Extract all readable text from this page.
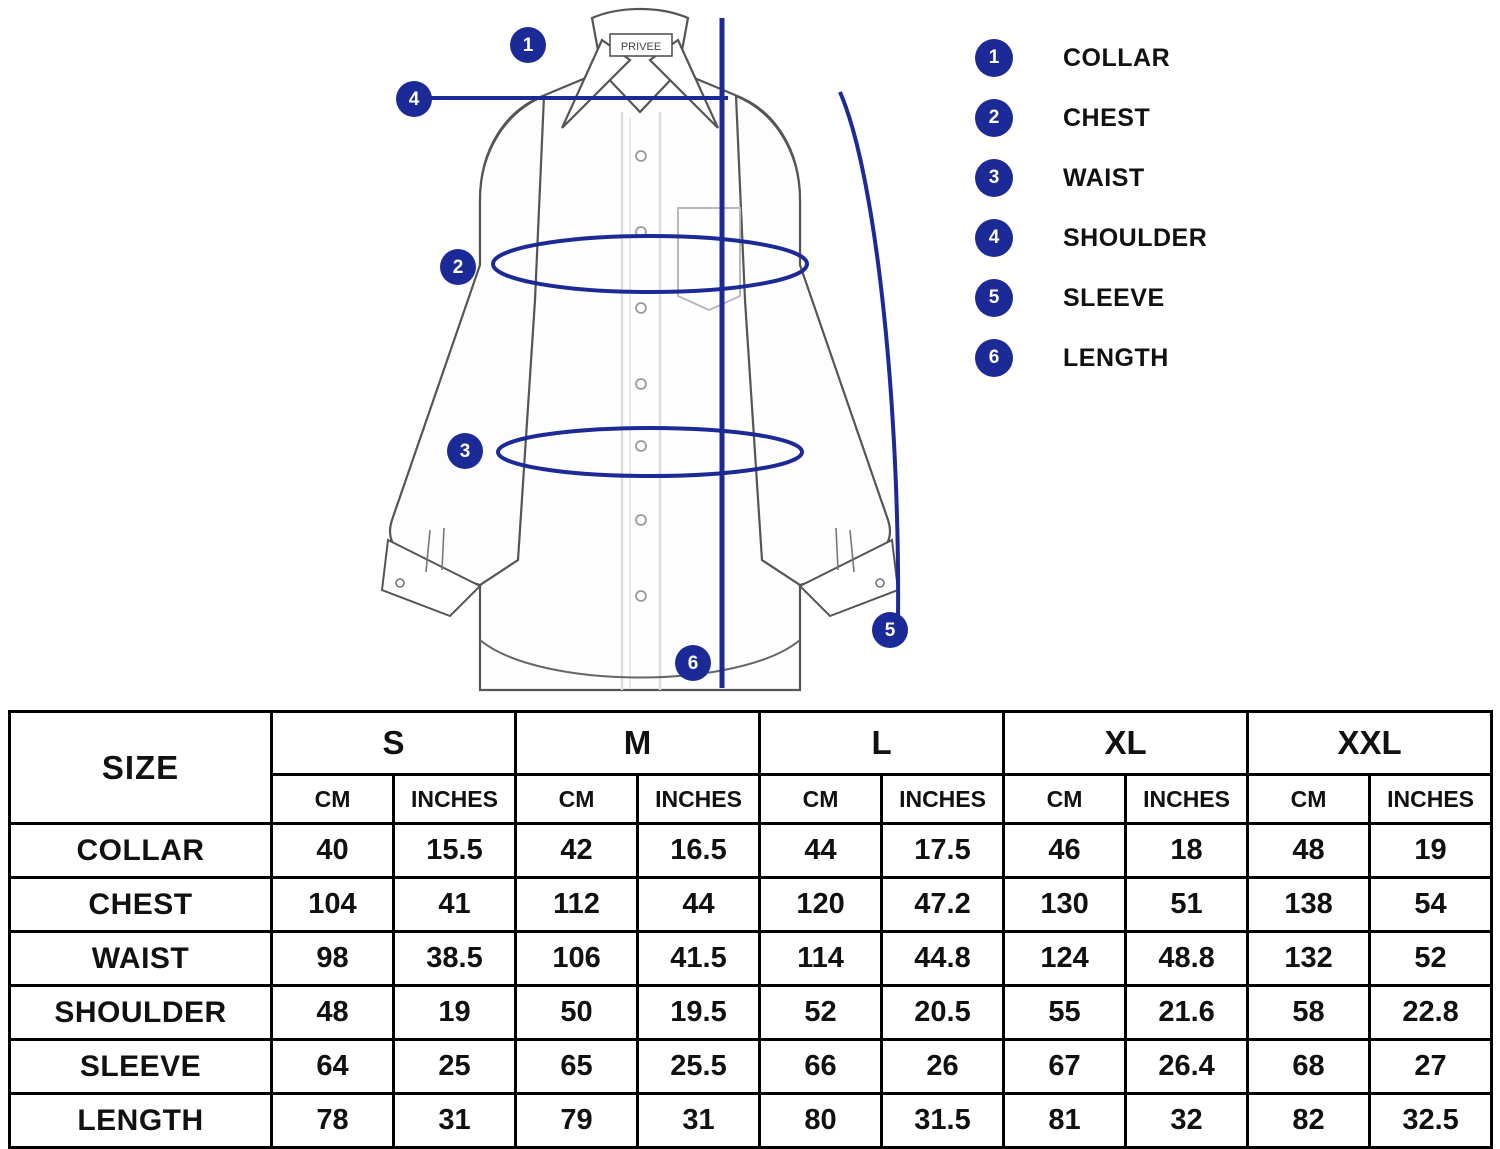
PRIVEE
1
2
3
4
5
6
1	COLLAR
2	CHEST
3	WAIST
4	SHOULDER
5	SLEEVE
6	LENGTH
SIZE	S		M		L		XL		XXL	
	CM	INCHES	CM	INCHES	CM	INCHES	CM	INCHES	CM	INCHES
COLLAR	40	15.5	42	16.5	44	17.5	46	18	48	19
CHEST	104	41	112	44	120	47.2	130	51	138	54
WAIST	98	38.5	106	41.5	114	44.8	124	48.8	132	52
SHOULDER	48	19	50	19.5	52	20.5	55	21.6	58	22.8
SLEEVE	64	25	65	25.5	66	26	67	26.4	68	27
LENGTH	78	31	79	31	80	31.5	81	32	82	32.5
